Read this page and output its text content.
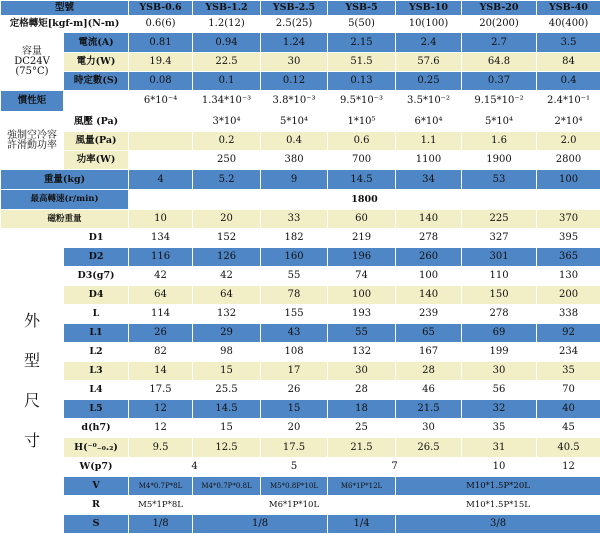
型號		YSB-0.6	YSB-1.2	YSB-2.5	YSB-5	YSB-10	YSB-20	YSB-40
定格轉矩[kgf-m](N-m)		0.6(6)	1.2(12)	2.5(25)	5(50)	10(100)	20(200)	40(400)

容量
DC24V
(75°C)	電流(A)	0.81	0.94	1.24	2.15	2.4	2.7	3.5
	電力(W)	19.4	22.5	30	51.5	57.6	64.8	84
	時定數(S)	0.08	0.1	0.12	0.13	0.25	0.37	0.4
慣性矩		6*10⁻⁴	1.34*10⁻³	3.8*10⁻³	9.5*10⁻³	3.5*10⁻²	9.15*10⁻²	2.4*10⁻¹

強制空冷容
許滑動功率	風壓 (Pa)		3*10⁴	5*10⁴	1*10⁵	6*10⁴	5*10⁴	2*10⁴
	風量(Pa)		0.2	0.4	0.6	1.1	1.6	2.0
	功率(W)		250	380	700	1100	1900	2800
重量(kg)		4	5.2	9	14.5	34	53	100
最高轉速(r/min)		1800						
磁粉重量		10	20	33	60	140	225	370

外
型
尺
寸	D1	134	152	182	219	278	327	395
	D2	116	126	160	196	260	301	365
	D3(g7)	42	42	55	74	100	110	130
	D4	64	64	78	100	140	150	200
	L	114	132	155	193	239	278	338
	L1	26	29	43	55	65	69	92
	L2	82	98	108	132	167	199	234
	L3	14	15	17	30	28	30	35
	L4	17.5	25.5	26	28	46	56	70
	L5	12	14.5	15	18	21.5	32	40
	d(h7)	12	15	20	25	30	35	45
	H(⁻⁰₋₀.₂)	9.5	12.5	17.5	21.5	26.5	31	40.5
	W(p7)	4		5	7		10	12
	V	M4*0.7P*8L	M4*0.7P*0.8L	M5*0.8P*10L	M6*1P*12L	M10*1.5P*20L		
	R	M5*1P*8L	M6*1P*10L			M10*1.5P*15L		
	S	1/8	1/8		1/4	3/8		
